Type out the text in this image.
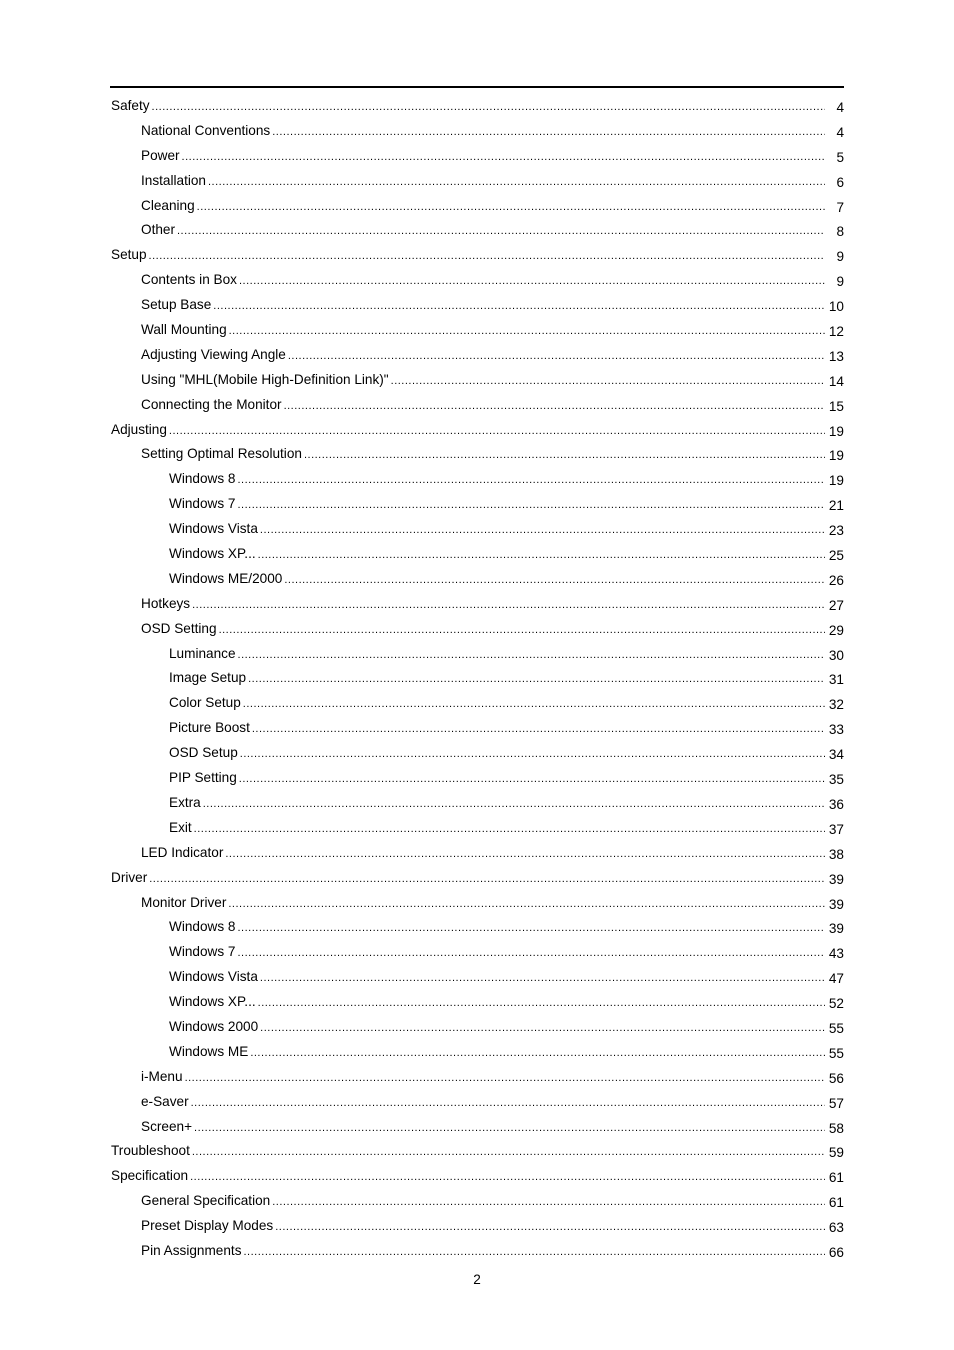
Safety .....	4
National Conventions .....	4
Power .....	5
Installation .....	6
Cleaning .....	7
Other .....	8
Setup .....	9
Contents in Box .....	9
Setup Base .....	10
Wall Mounting .....	12
Adjusting Viewing Angle .....	13
Using "MHL(Mobile High-Definition Link)" .....	14
Connecting the Monitor .....	15
Adjusting .....	19
Setting Optimal Resolution .....	19
Windows 8 .....	19
Windows 7 .....	21
Windows Vista .....	23
Windows XP... .....	25
Windows ME/2000 .....	26
Hotkeys .....	27
OSD Setting .....	29
Luminance .....	30
Image Setup .....	31
Color Setup .....	32
Picture Boost .....	33
OSD Setup .....	34
PIP Setting .....	35
Extra .....	36
Exit .....	37
LED Indicator .....	38
Driver .....	39
Monitor Driver .....	39
Windows 8 .....	39
Windows 7 .....	43
Windows Vista .....	47
Windows XP... .....	52
Windows 2000 .....	55
Windows ME .....	55
i-Menu .....	56
e-Saver .....	57
Screen+ .....	58
Troubleshoot .....	59
Specification .....	61
General Specification .....	61
Preset Display Modes .....	63
Pin Assignments .....	66
2
